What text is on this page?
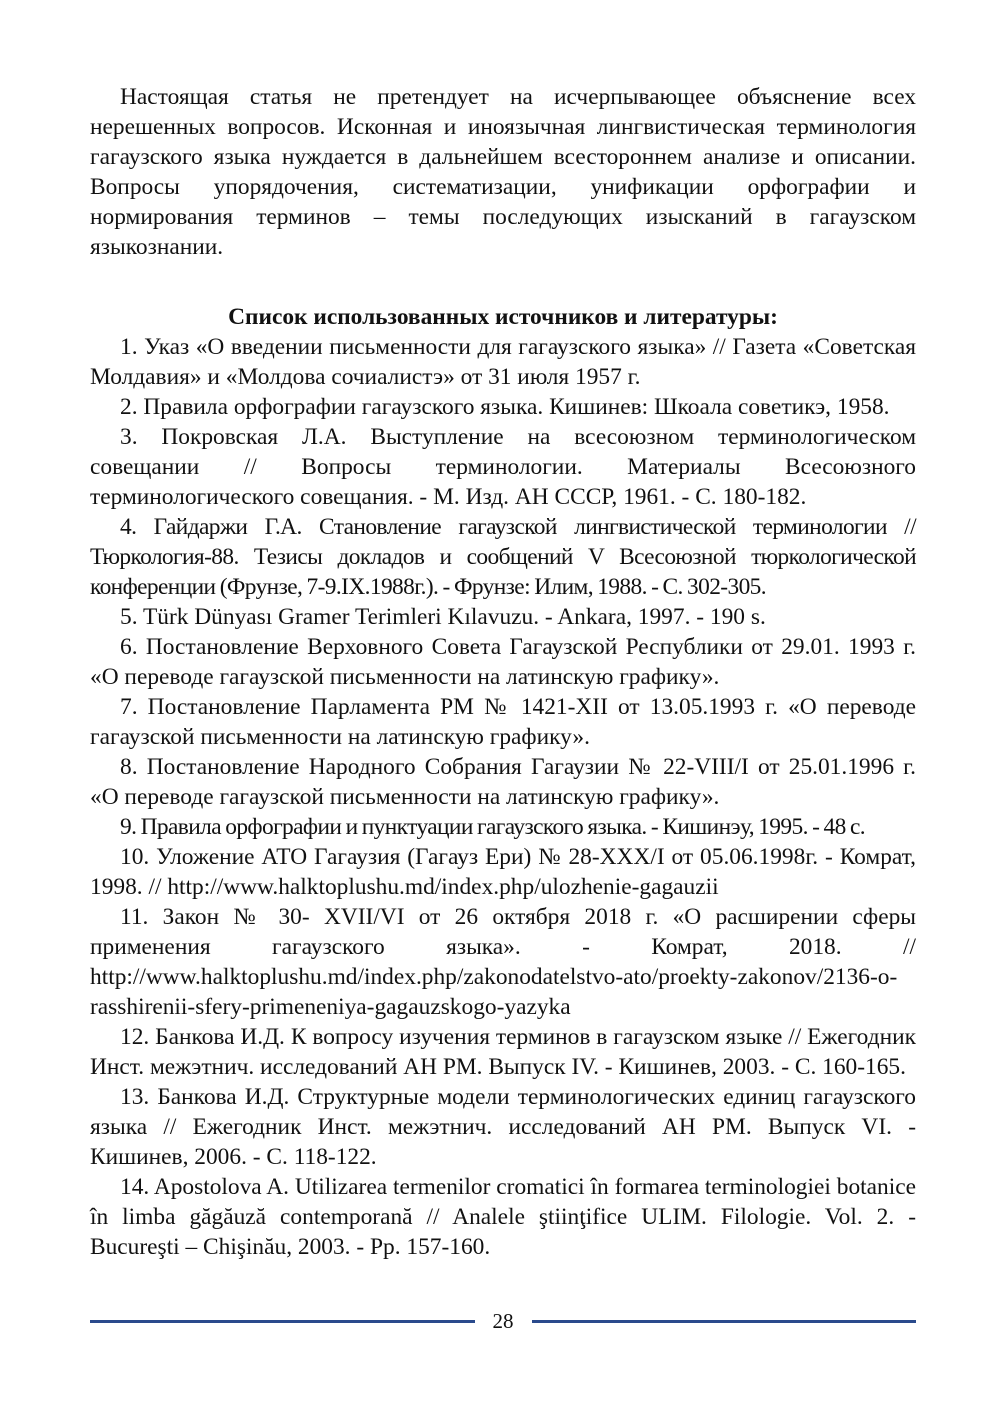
Настоящая статья не претендует на исчерпывающее объяснение всех нерешенных вопросов. Исконная и иноязычная лингвистическая терминология гагаузского языка нуждается в дальнейшем всестороннем анализе и описании. Вопросы упорядочения, систематизации, унификации орфографии и нормирования терминов – темы последующих изысканий в гагаузском языкознании.

Список использованных источников и литературы:
1. Указ «О введении письменности для гагаузского языка» // Газета «Советская Молдавия» и «Молдова сочиалистэ» от 31 июля 1957 г.
2. Правила орфографии гагаузского языка. Кишинев: Шкоала советикэ, 1958.
3. Покровская Л.А. Выступление на всесоюзном терминологическом совещании // Вопросы терминологии. Материалы Всесоюзного терминологического совещания. - М. Изд. АН СССР, 1961. - С. 180-182.
4. Гайдаржи Г.А. Становление гагаузской лингвистической терминологии // Тюркология-88. Тезисы докладов и сообщений V Всесоюзной тюркологической конференции (Фрунзе, 7-9.IX.1988г.). - Фрунзе: Илим, 1988. - С. 302-305.
5. Türk Dünyası Gramer Terimleri Kılavuzu. - Ankara, 1997. - 190 s.
6. Постановление Верховного Совета Гагаузской Республики от 29.01. 1993 г. «О переводе гагаузской письменности на латинскую графику».
7. Постановление Парламента РМ № 1421-XII от 13.05.1993 г. «О переводе гагаузской письменности на латинскую графику».
8. Постановление Народного Собрания Гагаузии № 22-VIII/I от 25.01.1996 г. «О переводе гагаузской письменности на латинскую графику».
9. Правила орфографии и пунктуации гагаузского языка. - Кишинэу, 1995. - 48 с.
10. Уложение АТО Гагаузия (Гагауз Ери) № 28-XXX/I от 05.06.1998г. - Комрат, 1998. // http://www.halktoplushu.md/index.php/ulozhenie-gagauzii
11. Закон № 30- XVII/VI от 26 октября 2018 г. «О расширении сферы применения гагаузского языка». - Комрат, 2018. // http://www.halktoplushu.md/index.php/zakonodatelstvo-ato/proekty-zakonov/2136-o-rasshirenii-sfery-primeneniya-gagauzskogo-yazyka
12. Банкова И.Д. К вопросу изучения терминов в гагаузском языке // Ежегодник Инст. межэтнич. исследований АН РМ. Выпуск IV. - Кишинев, 2003. - С. 160-165.
13. Банкова И.Д. Структурные модели терминологических единиц гагаузского языка // Ежегодник Инст. межэтнич. исследований АН РМ. Выпуск VI. - Кишинев, 2006. - С. 118-122.
14. Apostolova A. Utilizarea termenilor cromatici în formarea terminologiei botanice în limba găgăuză contemporană // Analele ştiinţifice ULIM. Filologie. Vol. 2. - Bucureşti – Chişinău, 2003. - Pp. 157-160.
28
